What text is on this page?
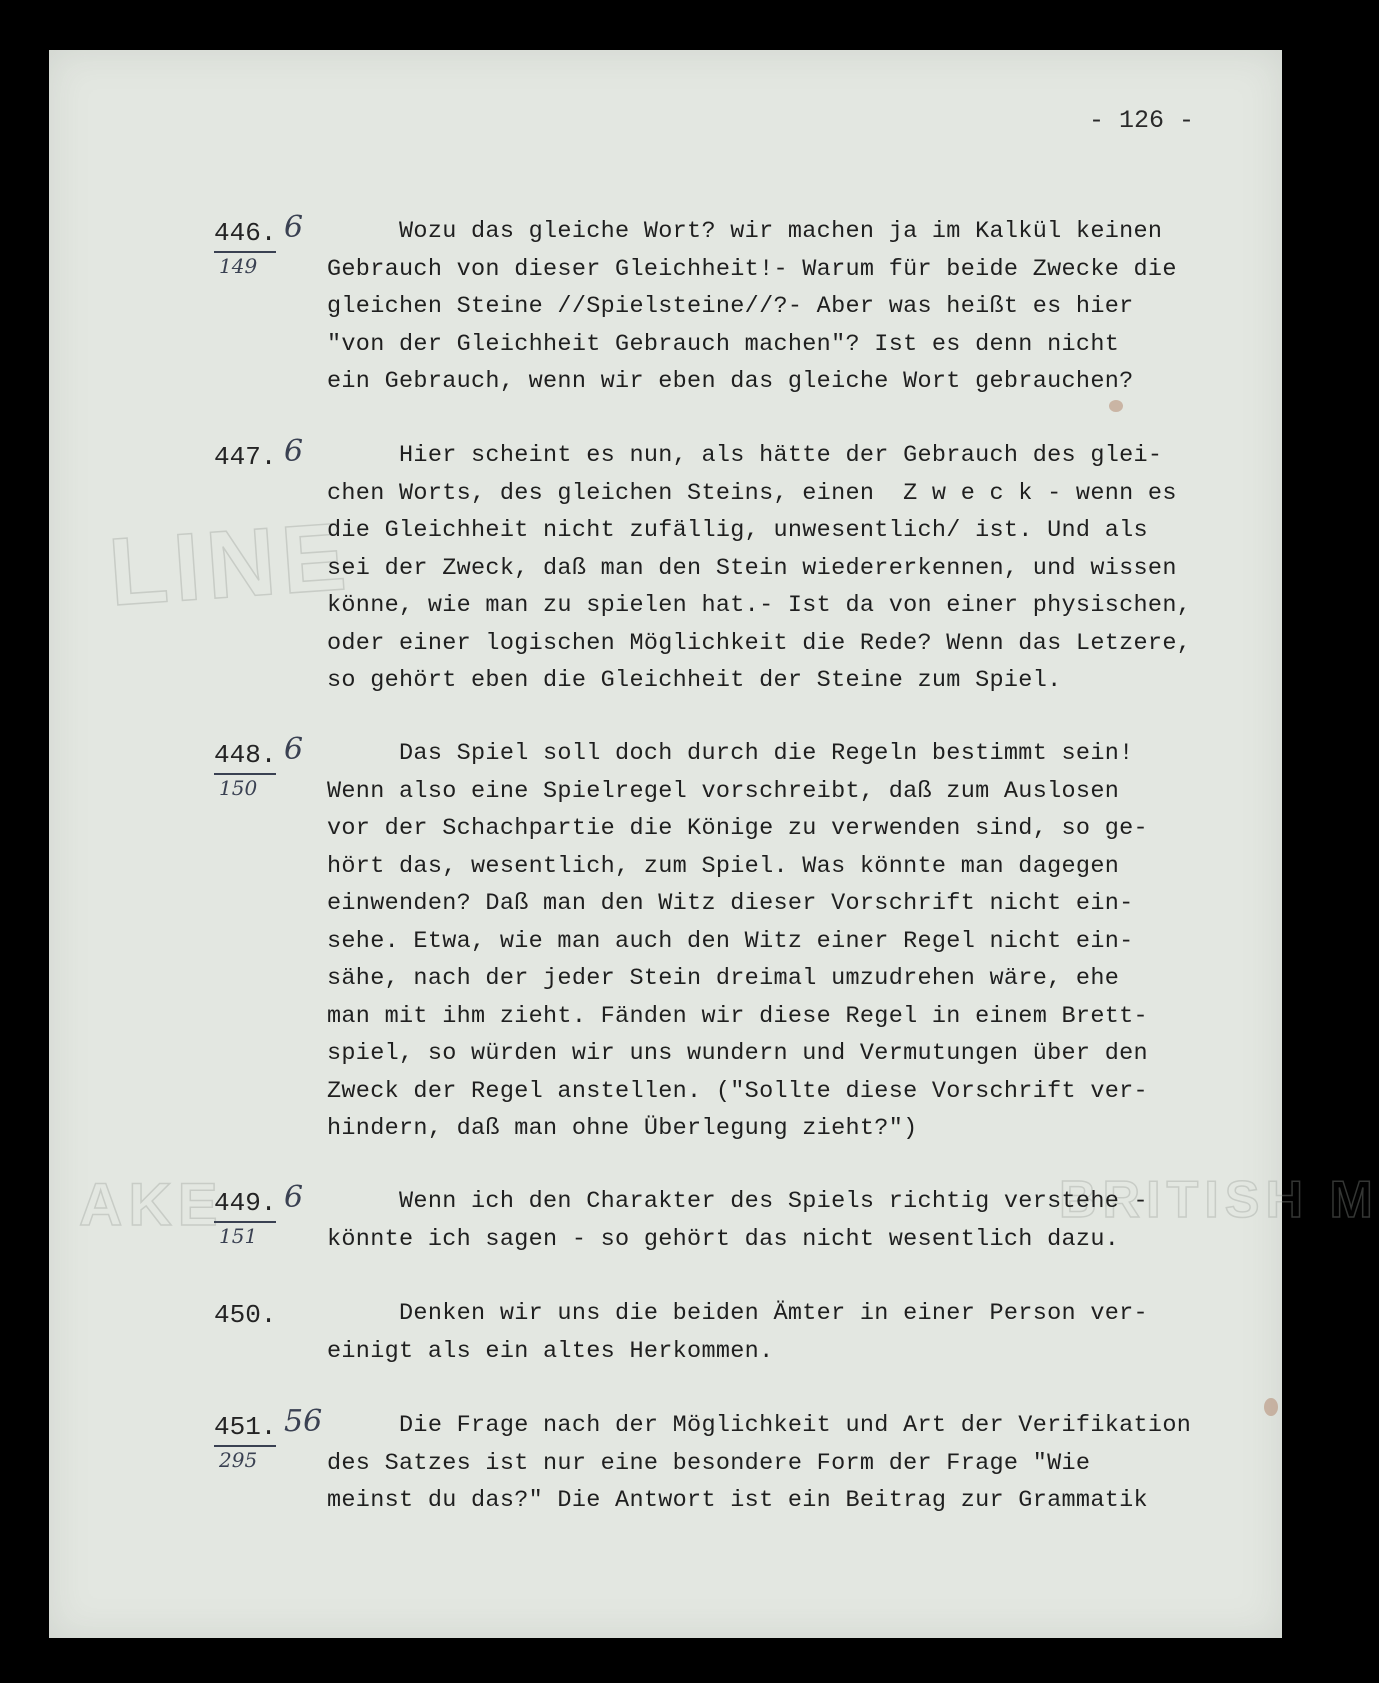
LINE
AKE	BRITISH M
- 126 -
446. 6
149
Wozu das gleiche Wort? wir machen ja im Kalkül keinen
Gebrauch von dieser Gleichheit!- Warum für beide Zwecke die
gleichen Steine //Spielsteine//?- Aber was heißt es hier
"von der Gleichheit Gebrauch machen"? Ist es denn nicht
ein Gebrauch, wenn wir eben das gleiche Wort gebrauchen?
447. 6 Hier scheint es nun, als hätte der Gebrauch des glei-
chen Worts, des gleichen Steins, einen  Z w e c k - wenn es
die Gleichheit nicht zufällig, unwesentlich/ ist. Und als
sei der Zweck, daß man den Stein wiedererkennen, und wissen
könne, wie man zu spielen hat.- Ist da von einer physischen,
oder einer logischen Möglichkeit die Rede? Wenn das Letzere,
so gehört eben die Gleichheit der Steine zum Spiel.
448. 6
150
Das Spiel soll doch durch die Regeln bestimmt sein!
Wenn also eine Spielregel vorschreibt, daß zum Auslosen
vor der Schachpartie die Könige zu verwenden sind, so ge-
hört das, wesentlich, zum Spiel. Was könnte man dagegen
einwenden? Daß man den Witz dieser Vorschrift nicht ein-
sehe. Etwa, wie man auch den Witz einer Regel nicht ein-
sähe, nach der jeder Stein dreimal umzudrehen wäre, ehe
man mit ihm zieht. Fänden wir diese Regel in einem Brett-
spiel, so würden wir uns wundern und Vermutungen über den
Zweck der Regel anstellen. ("Sollte diese Vorschrift ver-
hindern, daß man ohne Überlegung zieht?")
449. 6
151
Wenn ich den Charakter des Spiels richtig verstehe -
könnte ich sagen - so gehört das nicht wesentlich dazu.
450. Denken wir uns die beiden Ämter in einer Person ver-
einigt als ein altes Herkommen.
451. 56
295
Die Frage nach der Möglichkeit und Art der Verifikation
des Satzes ist nur eine besondere Form der Frage "Wie
meinst du das?" Die Antwort ist ein Beitrag zur Grammatik
